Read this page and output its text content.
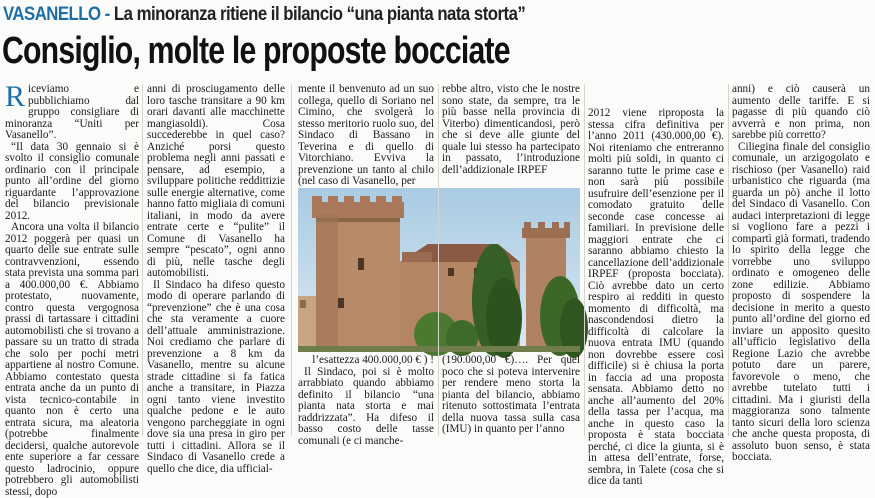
VASANELLO - La minoranza ritiene il bilancio “una pianta nata storta”
Consiglio, molte le proposte bocciate
R iceviamo e pubblichiamo dal gruppo consigliare di minoranza “Uniti per Vasanello”.

“Il data 30 gennaio si è svolto il consiglio comunale ordinario con il principale punto all’ordine del giorno riguardante l’approvazione del bilancio previsionale 2012.

Ancora una volta il bilancio 2012 poggerà per quasi un quarto delle sue entrate sulle contravvenzioni, essendo stata prevista una somma pari a 400.000,00 €. Abbiamo protestato, nuovamente, contro questa vergognosa prassi di tartassare i cittadini automobilisti che si trovano a passare su un tratto di strada che solo per pochi metri appartiene al nostro Comune. Abbiamo contestato questa entrata anche da un punto di vista tecnico-contabile in quanto non è certo una entrata sicura, ma aleatoria (potrebbe finalmente decidersi, qualche autorevole ente superiore a far cessare questo ladrocinio, oppure potrebbero gli automobilisti stessi, dopo

anni di prosciugamento delle loro tasche transitare a 90 km orari davanti alle macchinette mangiasoldi). Cosa succederebbe in quel caso? Anziché porsi questo problema negli anni passati e pensare, ad esempio, a sviluppare politiche reddittizie sulle energie alternative, come hanno fatto migliaia di comuni italiani, in modo da avere entrate certe e “pulite” il Comune di Vasanello ha sempre “pescato”, ogni anno di più, nelle tasche degli automobilisti.

Il Sindaco ha difeso questo modo di operare parlando di “prevenzione” che è una cosa che sta veramente a cuore dell’attuale amministrazione. Noi crediamo che parlare di prevenzione a 8 km da Vasanello, mentre su alcune strade cittadine si fa fatica anche a transitare, in Piazza ogni tanto viene investito qualche pedone e le auto vengono parcheggiate in ogni dove sia una presa in giro per tutti i cittadini. Allora se il Sindaco di Vasanello crede a quello che dice, dia ufficial-

mente il benvenuto ad un suo collega, quello di Soriano nel Cimino, che svolgerà lo stesso meritorio ruolo suo, del Sindaco di Bassano in Teverina e di quello di Vitorchiano. Evviva la prevenzione un tanto al chilo (nel caso di Vasanello, per

rebbe altro, visto che le nostre sono state, da sempre, tra le più basse nella provincia di Viterbo) dimenticandosi, però che si deve alle giunte del quale lui stesso ha partecipato in passato, l’introduzione dell’addizionale IRPEF

l’esattezza 400.000,00 € ) !

Il Sindaco, poi si è molto arrabbiato quando abbiamo definito il bilancio “una pianta nata storta e mai raddrizzata”. Ha difeso il basso costo delle tasse comunali (e ci manche-

(190.000,00 €)…. Per quel poco che si poteva intervenire per rendere meno storta la pianta del bilancio, abbiamo ritenuto sottostimata l’entrata della nuova tassa sulla casa (IMU) in quanto per l’anno

2012 viene riproposta la stessa cifra definitiva per l’anno 2011 (430.000,00 €). Noi riteniamo che entreranno molti più soldi, in quanto ci saranno tutte le prime case e non sarà più possibile usufruire dell’esenzione per il comodato gratuito delle seconde case concesse ai familiari. In previsione delle maggiori entrate che ci saranno abbiamo chiesto la cancellazione dell’addizionale IRPEF (proposta bocciata). Ciò avrebbe dato un certo respiro ai redditi in questo momento di difficoltà, ma nascondendosi dietro la difficoltà di calcolare la nuova entrata IMU (quando non dovrebbe essere così difficile) si è chiusa la porta in faccia ad una proposta sensata. Abbiamo detto no anche all’aumento del 20% della tassa per l’acqua, ma anche in questo caso la proposta è stata bocciata perché, ci dice la giunta, si è in attesa dell’entrate, forse, sembra, in Talete (cosa che si dice da tanti

anni) e ciò causerà un aumento delle tariffe. E si pagasse di più quando ciò avverrà e non prima, non sarebbe più corretto?

Ciliegina finale del consiglio comunale, un arzigogolato e rischioso (per Vasanello) raid urbanistico che riguarda (ma guarda un pò) anche il lotto del Sindaco di Vasanello. Con audaci interpretazioni di legge si vogliono fare a pezzi i compartì già formati, tradendo lo spirito della legge che vorrebbe uno sviluppo ordinato e omogeneo delle zone edilizie. Abbiamo proposto di sospendere la decisione in merito a questo punto all’ordine del giorno ed inviare un apposito quesito all’ufficio legislativo della Regione Lazio che avrebbe potuto dare un parere, favorevole o meno, che avrebbe tutelato tutti i cittadini. Ma i giuristi della maggioranza sono talmente tanto sicuri della loro scienza che anche questa proposta, di assoluto buon senso, è stata bocciata.
